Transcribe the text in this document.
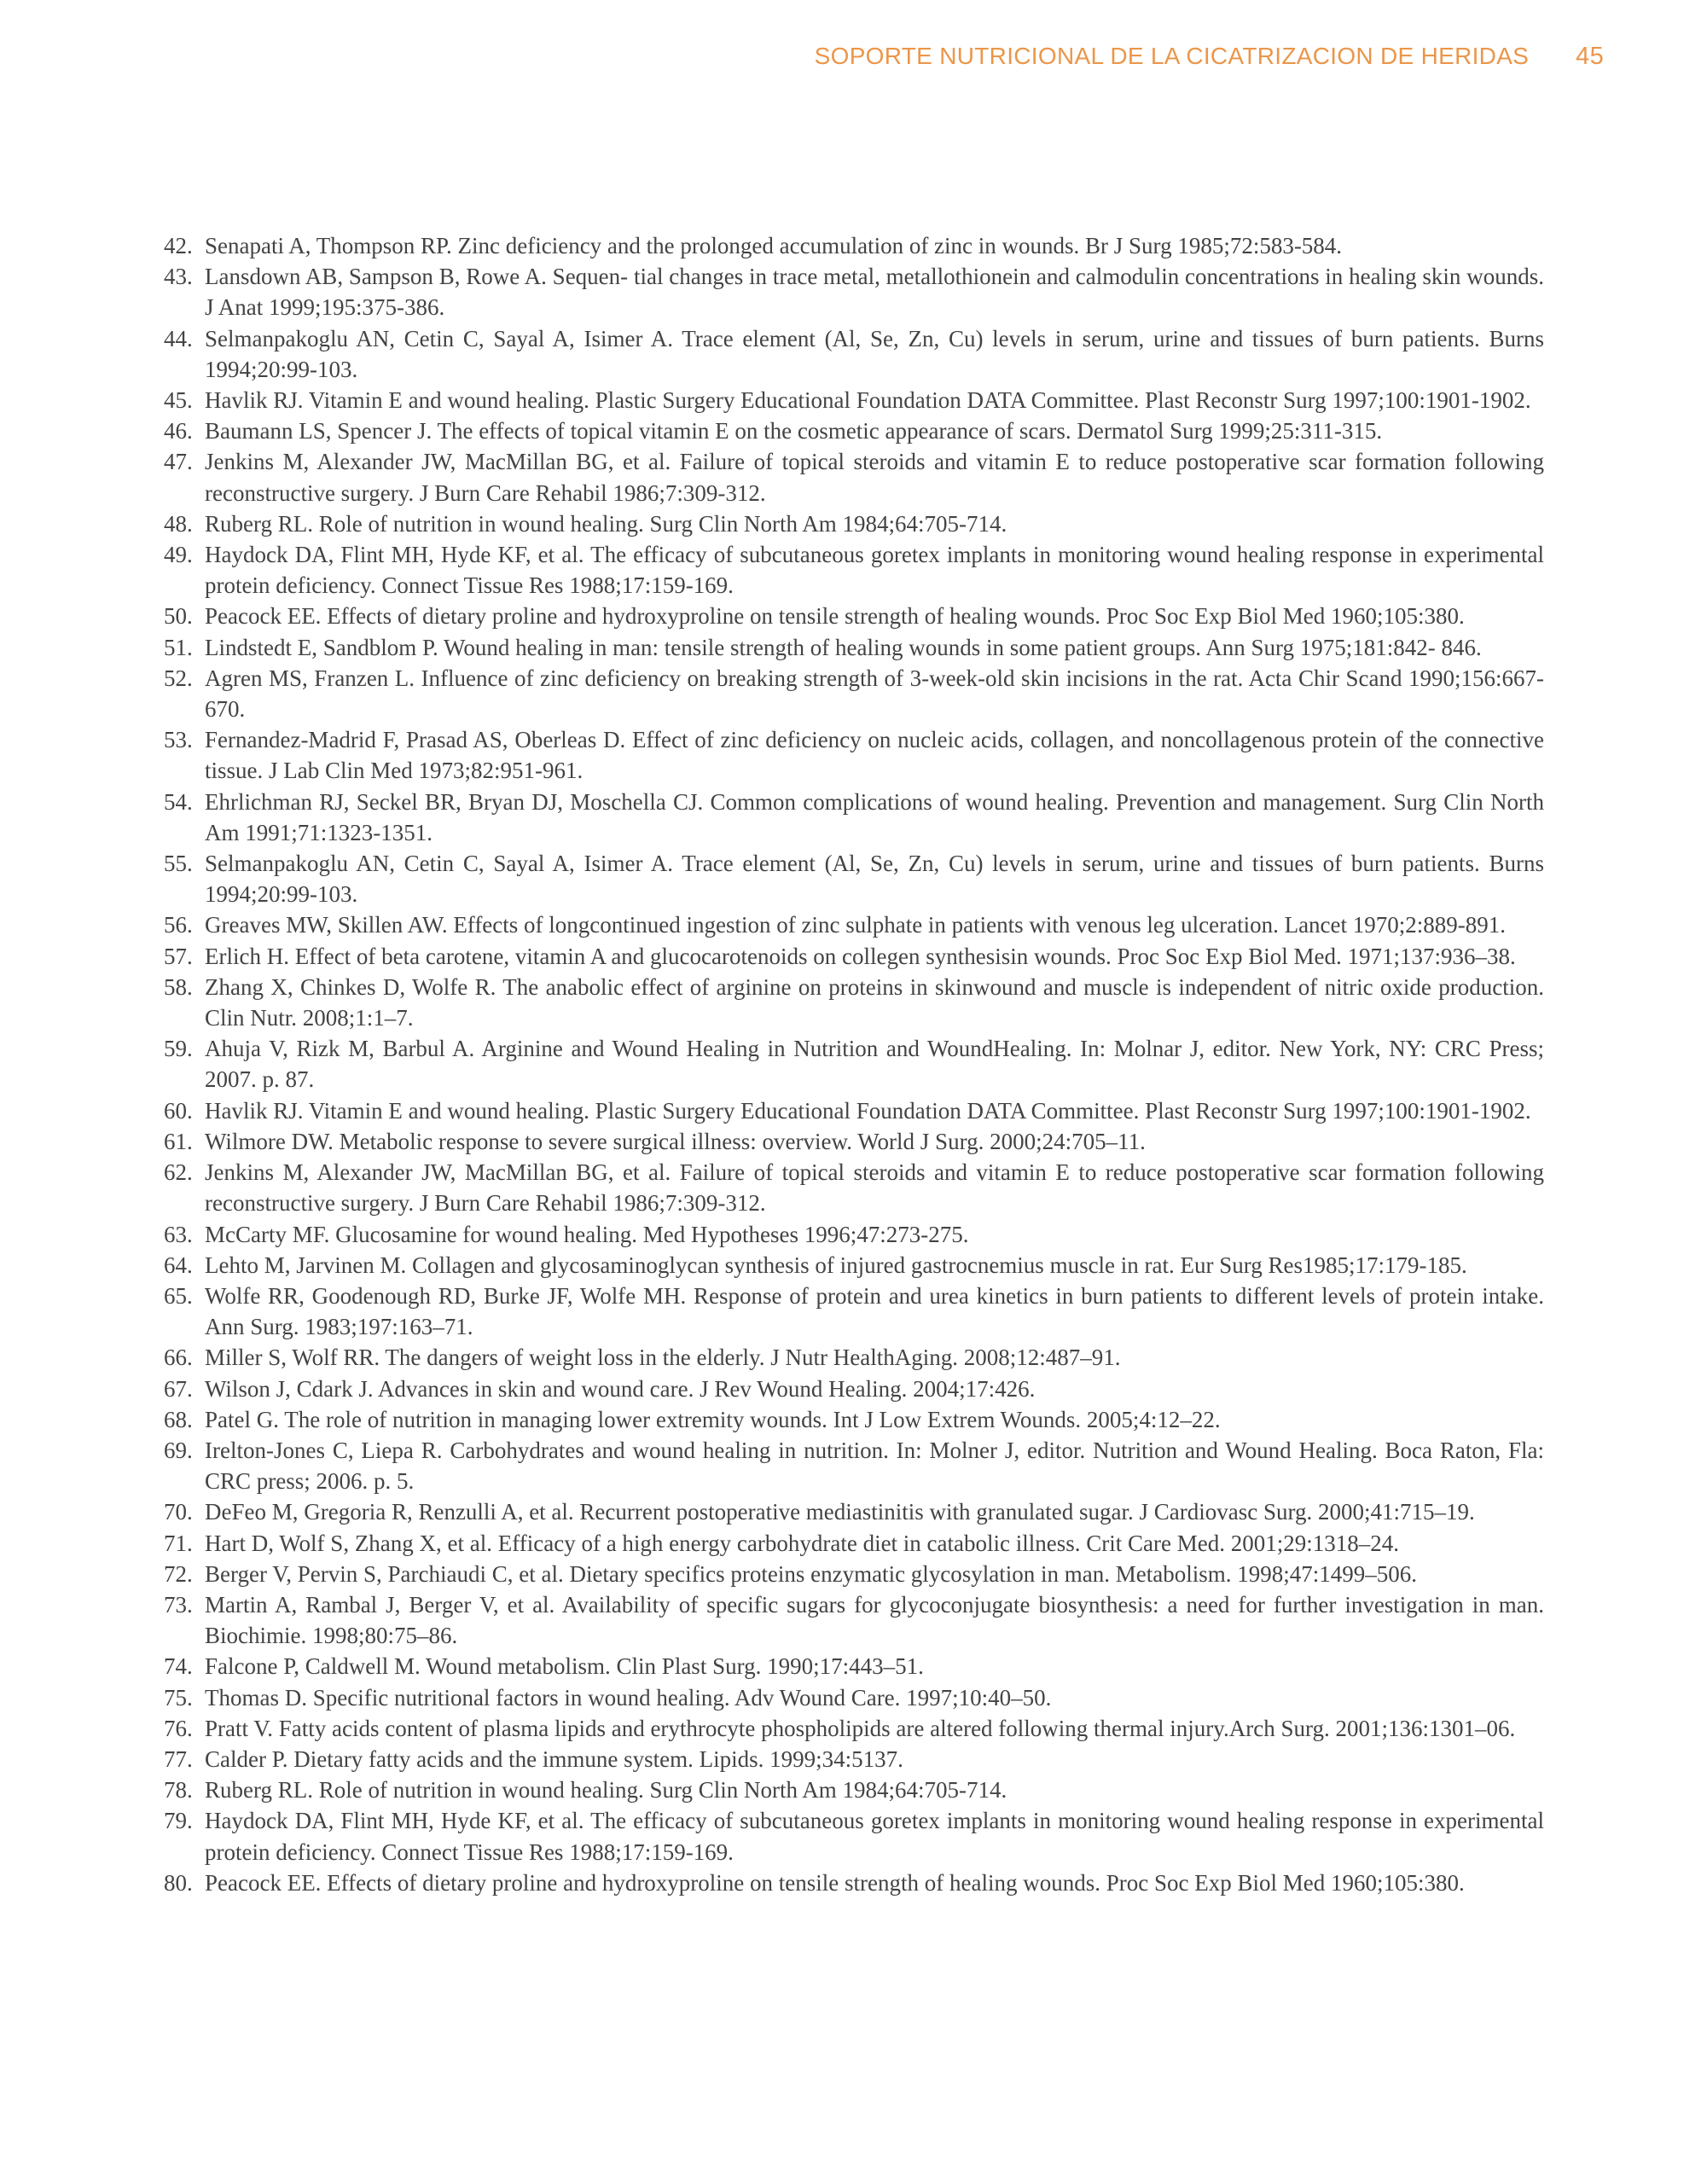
SOPORTE NUTRICIONAL DE LA CICATRIZACION DE HERIDAS 45
42. Senapati A, Thompson RP. Zinc deficiency and the prolonged accumulation of zinc in wounds. Br J Surg 1985;72:583-584.
43. Lansdown AB, Sampson B, Rowe A. Sequen- tial changes in trace metal, metallothionein and calmodulin concentrations in healing skin wounds. J Anat 1999;195:375-386.
44. Selmanpakoglu AN, Cetin C, Sayal A, Isimer A. Trace element (Al, Se, Zn, Cu) levels in serum, urine and tissues of burn patients. Burns 1994;20:99-103.
45. Havlik RJ. Vitamin E and wound healing. Plastic Surgery Educational Foundation DATA Committee. Plast Reconstr Surg 1997;100:1901-1902.
46. Baumann LS, Spencer J. The effects of topical vitamin E on the cosmetic appearance of scars. Dermatol Surg 1999;25:311-315.
47. Jenkins M, Alexander JW, MacMillan BG, et al. Failure of topical steroids and vitamin E to reduce postoperative scar formation following reconstructive surgery. J Burn Care Rehabil 1986;7:309-312.
48. Ruberg RL. Role of nutrition in wound healing. Surg Clin North Am 1984;64:705-714.
49. Haydock DA, Flint MH, Hyde KF, et al. The efficacy of subcutaneous goretex implants in monitoring wound healing response in experimental protein deficiency. Connect Tissue Res 1988;17:159-169.
50. Peacock EE. Effects of dietary proline and hydroxyproline on tensile strength of healing wounds. Proc Soc Exp Biol Med 1960;105:380.
51. Lindstedt E, Sandblom P. Wound healing in man: tensile strength of healing wounds in some patient groups. Ann Surg 1975;181:842- 846.
52. Agren MS, Franzen L. Influence of zinc deficiency on breaking strength of 3-week-old skin incisions in the rat. Acta Chir Scand 1990;156:667-670.
53. Fernandez-Madrid F, Prasad AS, Oberleas D. Effect of zinc deficiency on nucleic acids, collagen, and noncollagenous protein of the connective tissue. J Lab Clin Med 1973;82:951-961.
54. Ehrlichman RJ, Seckel BR, Bryan DJ, Moschella CJ. Common complications of wound healing. Prevention and management. Surg Clin North Am 1991;71:1323-1351.
55. Selmanpakoglu AN, Cetin C, Sayal A, Isimer A. Trace element (Al, Se, Zn, Cu) levels in serum, urine and tissues of burn patients. Burns 1994;20:99-103.
56. Greaves MW, Skillen AW. Effects of longcontinued ingestion of zinc sulphate in patients with venous leg ulceration. Lancet 1970;2:889-891.
57. Erlich H. Effect of beta carotene, vitamin A and glucocarotenoids on collegen synthesisin wounds. Proc Soc Exp Biol Med. 1971;137:936–38.
58. Zhang X, Chinkes D, Wolfe R. The anabolic effect of arginine on proteins in skinwound and muscle is independent of nitric oxide production. Clin Nutr. 2008;1:1–7.
59. Ahuja V, Rizk M, Barbul A. Arginine and Wound Healing in Nutrition and WoundHealing. In: Molnar J, editor. New York, NY: CRC Press; 2007. p. 87.
60. Havlik RJ. Vitamin E and wound healing. Plastic Surgery Educational Foundation DATA Committee. Plast Reconstr Surg 1997;100:1901-1902.
61. Wilmore DW. Metabolic response to severe surgical illness: overview. World J Surg. 2000;24:705–11.
62. Jenkins M, Alexander JW, MacMillan BG, et al. Failure of topical steroids and vitamin E to reduce postoperative scar formation following reconstructive surgery. J Burn Care Rehabil 1986;7:309-312.
63. McCarty MF. Glucosamine for wound healing. Med Hypotheses 1996;47:273-275.
64. Lehto M, Jarvinen M. Collagen and glycosaminoglycan synthesis of injured gastrocnemius muscle in rat. Eur Surg Res1985;17:179-185.
65. Wolfe RR, Goodenough RD, Burke JF, Wolfe MH. Response of protein and urea kinetics in burn patients to different levels of protein intake. Ann Surg. 1983;197:163–71.
66. Miller S, Wolf RR. The dangers of weight loss in the elderly. J Nutr HealthAging. 2008;12:487–91.
67. Wilson J, Cdark J. Advances in skin and wound care. J Rev Wound Healing. 2004;17:426.
68. Patel G. The role of nutrition in managing lower extremity wounds. Int J Low Extrem Wounds. 2005;4:12–22.
69. Irelton-Jones C, Liepa R. Carbohydrates and wound healing in nutrition. In: Molner J, editor. Nutrition and Wound Healing. Boca Raton, Fla: CRC press; 2006. p. 5.
70. DeFeo M, Gregoria R, Renzulli A, et al. Recurrent postoperative mediastinitis with granulated sugar. J Cardiovasc Surg. 2000;41:715–19.
71. Hart D, Wolf S, Zhang X, et al. Efficacy of a high energy carbohydrate diet in catabolic illness. Crit Care Med. 2001;29:1318–24.
72. Berger V, Pervin S, Parchiaudi C, et al. Dietary specifics proteins enzymatic glycosylation in man. Metabolism. 1998;47:1499–506.
73. Martin A, Rambal J, Berger V, et al. Availability of specific sugars for glycoconjugate biosynthesis: a need for further investigation in man. Biochimie. 1998;80:75–86.
74. Falcone P, Caldwell M. Wound metabolism. Clin Plast Surg. 1990;17:443–51.
75. Thomas D. Specific nutritional factors in wound healing. Adv Wound Care. 1997;10:40–50.
76. Pratt V. Fatty acids content of plasma lipids and erythrocyte phospholipids are altered following thermal injury.Arch Surg. 2001;136:1301–06.
77. Calder P. Dietary fatty acids and the immune system. Lipids. 1999;34:5137.
78. Ruberg RL. Role of nutrition in wound healing. Surg Clin North Am 1984;64:705-714.
79. Haydock DA, Flint MH, Hyde KF, et al. The efficacy of subcutaneous goretex implants in monitoring wound healing response in experimental protein deficiency. Connect Tissue Res 1988;17:159-169.
80. Peacock EE. Effects of dietary proline and hydroxyproline on tensile strength of healing wounds. Proc Soc Exp Biol Med 1960;105:380.
